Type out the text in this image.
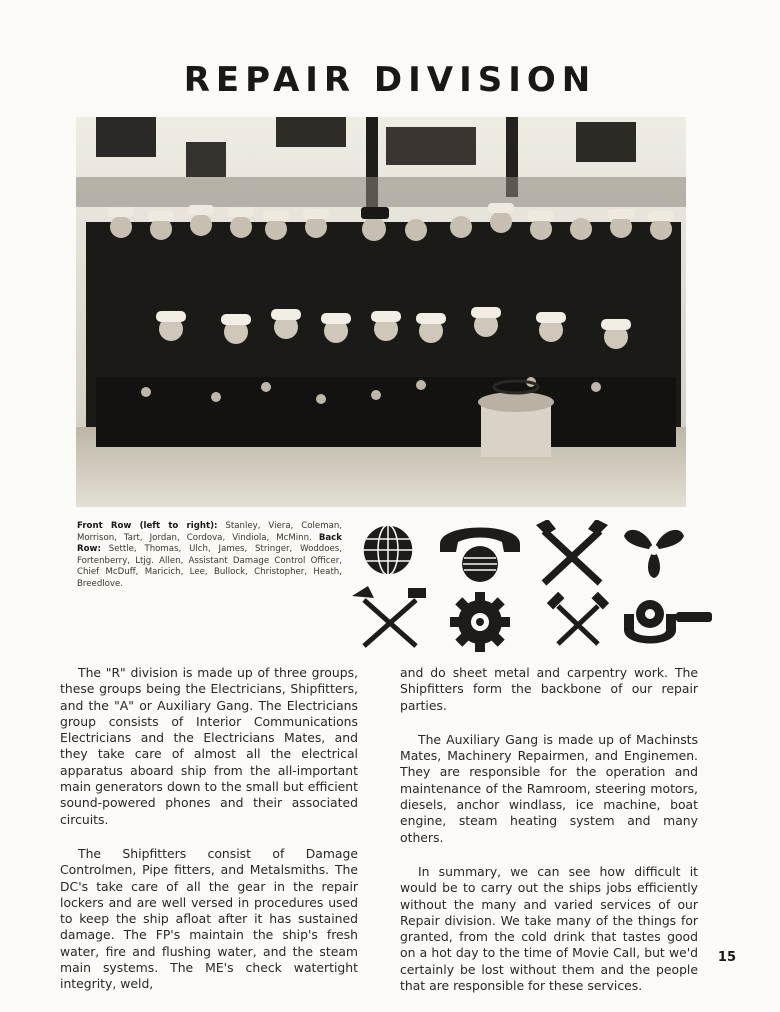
REPAIR DIVISION
Front Row (left to right): Stanley, Viera, Coleman, Morrison, Tart, Jordan, Cordova, Vindiola, McMinn. Back Row: Settle, Thomas, Ulch, James, Stringer, Woddoes, Fortenberry, Ltjg. Allen, Assistant Damage Control Officer, Chief McDuff, Maricich, Lee, Bullock, Christopher, Heath, Breedlove.

The "R" division is made up of three groups, these groups being the Electricians, Shipfitters, and the "A" or Auxiliary Gang. The Electricians group consists of Interior Communications Electricians and the Electricians Mates, and they take care of almost all the electrical apparatus aboard ship from the all-important main generators down to the small but efficient sound-powered phones and their associated circuits.

The Shipfitters consist of Damage Controlmen, Pipe fitters, and Metalsmiths. The DC's take care of all the gear in the repair lockers and are well versed in procedures used to keep the ship afloat after it has sustained damage. The FP's maintain the ship's fresh water, fire and flushing water, and the steam main systems. The ME's check watertight integrity, weld,

and do sheet metal and carpentry work. The Shipfitters form the backbone of our repair parties.

The Auxiliary Gang is made up of Machinsts Mates, Machinery Repairmen, and Enginemen. They are responsible for the operation and maintenance of the Ramroom, steering motors, diesels, anchor windlass, ice machine, boat engine, steam heating system and many others.

In summary, we can see how difficult it would be to carry out the ships jobs efficiently without the many and varied services of our Repair division. We take many of the things for granted, from the cold drink that tastes good on a hot day to the time of Movie Call, but we'd certainly be lost without them and the people that are responsible for these services.

15
